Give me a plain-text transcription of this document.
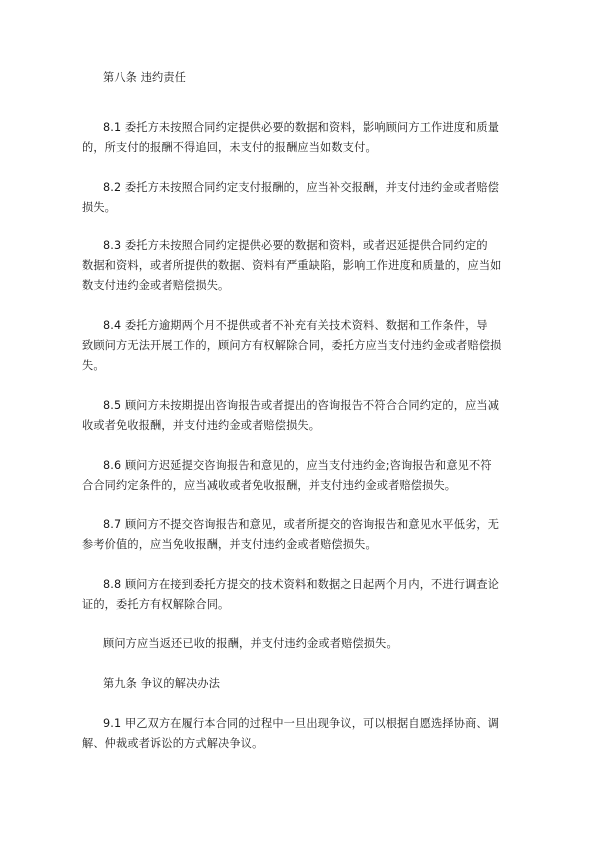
第八条 违约责任
8.1 委托方未按照合同约定提供必要的数据和资料，影响顾问方工作进度和质量
的，所支付的报酬不得追回，未支付的报酬应当如数支付。
8.2 委托方未按照合同约定支付报酬的，应当补交报酬，并支付违约金或者赔偿
损失。
8.3 委托方未按照合同约定提供必要的数据和资料，或者迟延提供合同约定的
数据和资料，或者所提供的数据、资料有严重缺陷，影响工作进度和质量的，应当如
数支付违约金或者赔偿损失。
8.4 委托方逾期两个月不提供或者不补充有关技术资料、数据和工作条件，导
致顾问方无法开展工作的，顾问方有权解除合同，委托方应当支付违约金或者赔偿损
失。
8.5 顾问方未按期提出咨询报告或者提出的咨询报告不符合合同约定的，应当减
收或者免收报酬，并支付违约金或者赔偿损失。
8.6 顾问方迟延提交咨询报告和意见的，应当支付违约金;咨询报告和意见不符
合合同约定条件的，应当减收或者免收报酬，并支付违约金或者赔偿损失。
8.7 顾问方不提交咨询报告和意见，或者所提交的咨询报告和意见水平低劣，无
参考价值的，应当免收报酬，并支付违约金或者赔偿损失。
8.8 顾问方在接到委托方提交的技术资料和数据之日起两个月内，不进行调查论
证的，委托方有权解除合同。
顾问方应当返还已收的报酬，并支付违约金或者赔偿损失。
第九条 争议的解决办法
9.1 甲乙双方在履行本合同的过程中一旦出现争议，可以根据自愿选择协商、调
解、仲裁或者诉讼的方式解决争议。
